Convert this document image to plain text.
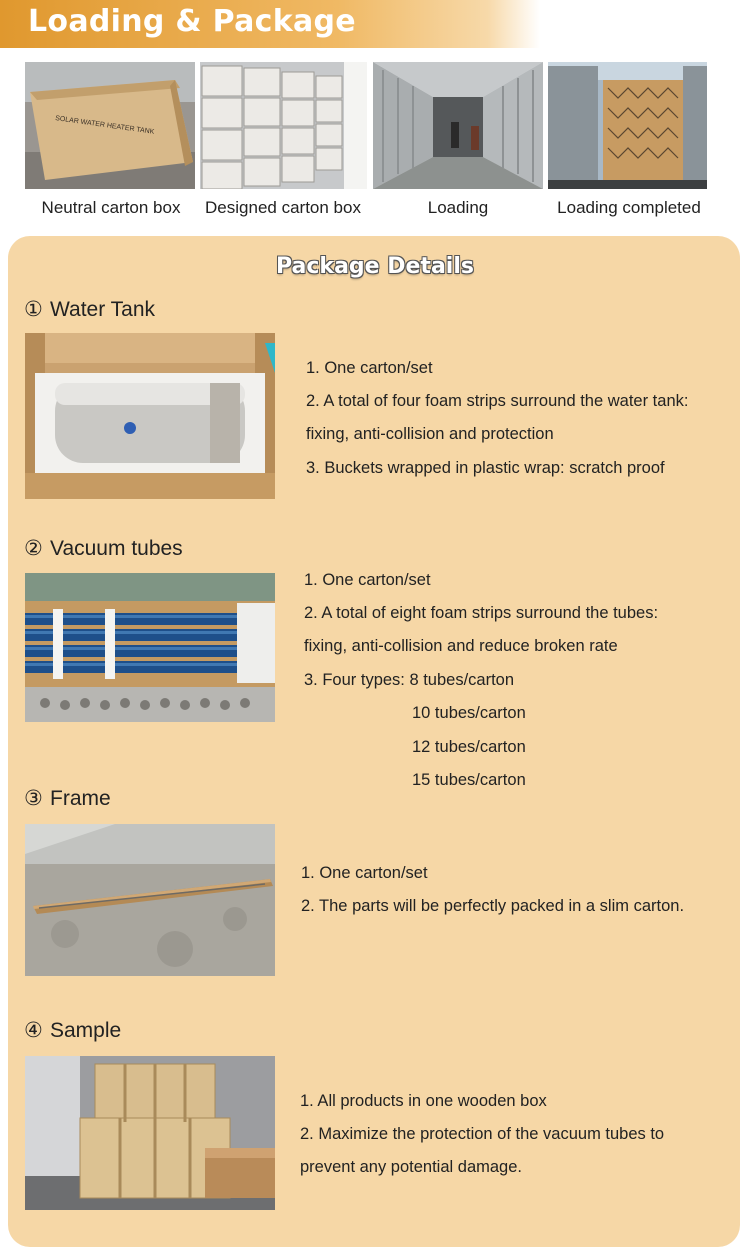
Loading & Package
SOLAR WATER HEATER TANK
Neutral carton box	Designed carton box	Loading	Loading completed
Package Details
① Water Tank
1. One carton/set
2. A total of four foam strips surround the water tank:
fixing, anti-collision and protection
3. Buckets wrapped in plastic wrap: scratch proof
② Vacuum tubes
1. One carton/set
2. A total of eight foam strips surround the tubes:
fixing, anti-collision and reduce broken rate
3. Four types: 8 tubes/carton
10 tubes/carton
12 tubes/carton
15 tubes/carton
③ Frame
1. One carton/set
2. The parts will be perfectly packed in a slim carton.
④ Sample
1. All products in one wooden box
2. Maximize the protection of the vacuum tubes to
prevent any potential damage.
